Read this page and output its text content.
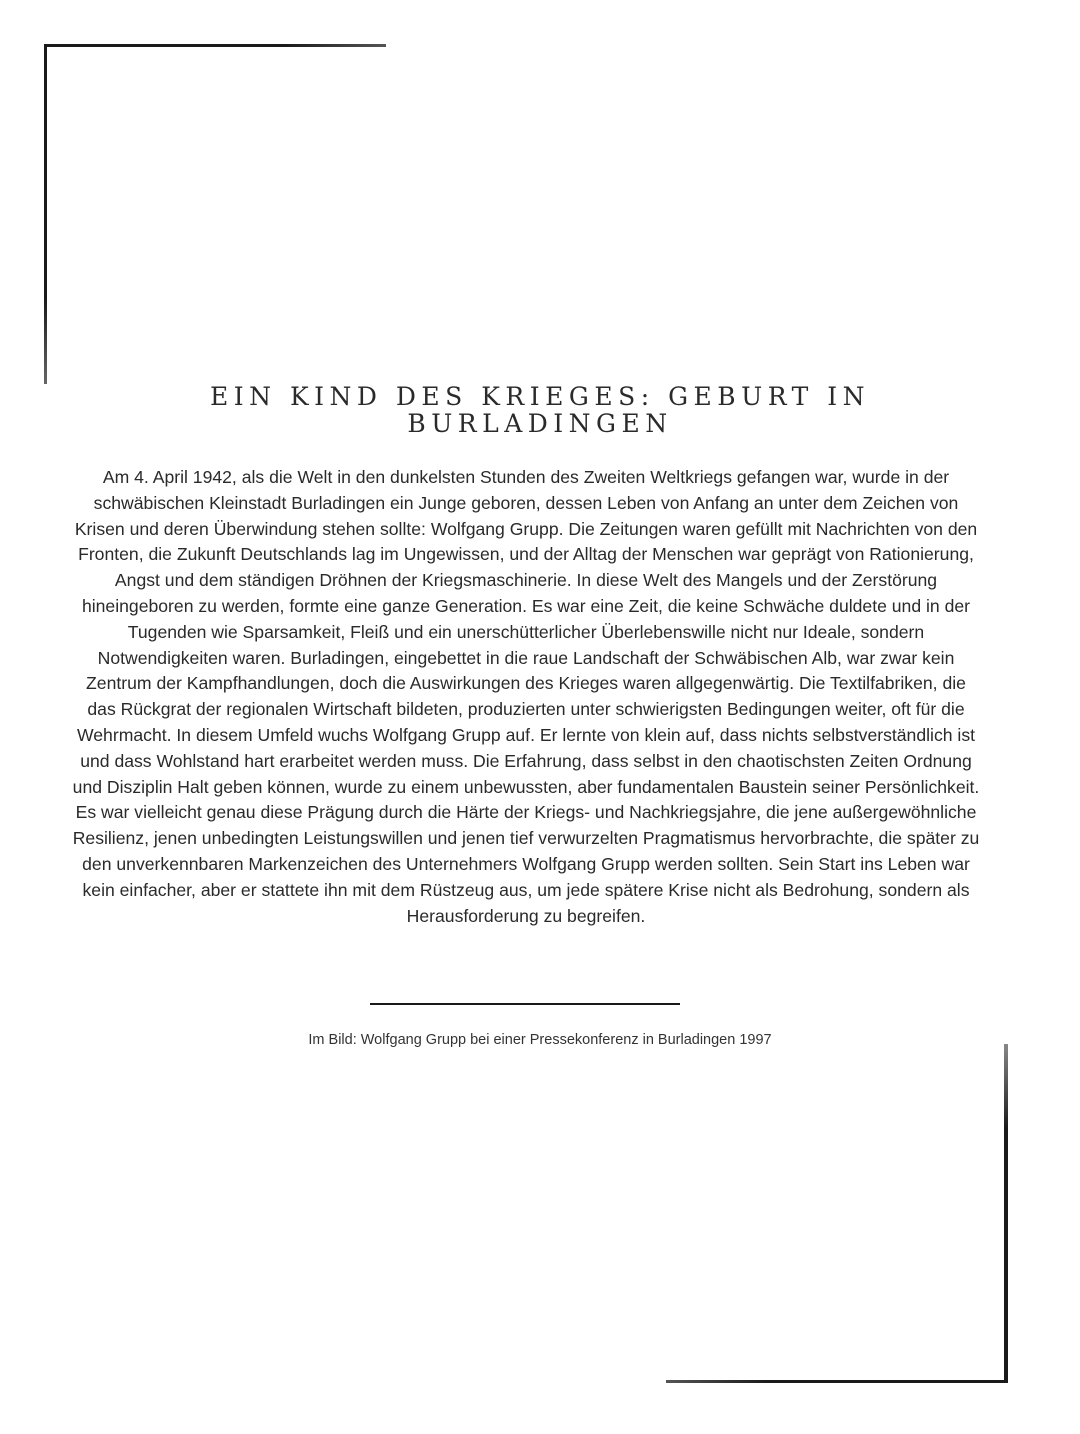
EIN KIND DES KRIEGES: GEBURT IN
BURLADINGEN

Am 4. April 1942, als die Welt in den dunkelsten Stunden des Zweiten Weltkriegs gefangen war, wurde in der schwäbischen Kleinstadt Burladingen ein Junge geboren, dessen Leben von Anfang an unter dem Zeichen von Krisen und deren Überwindung stehen sollte: Wolfgang Grupp. Die Zeitungen waren gefüllt mit Nachrichten von den Fronten, die Zukunft Deutschlands lag im Ungewissen, und der Alltag der Menschen war geprägt von Rationierung, Angst und dem ständigen Dröhnen der Kriegsmaschinerie. In diese Welt des Mangels und der Zerstörung hineingeboren zu werden, formte eine ganze Generation. Es war eine Zeit, die keine Schwäche duldete und in der Tugenden wie Sparsamkeit, Fleiß und ein unerschütterlicher Überlebenswille nicht nur Ideale, sondern Notwendigkeiten waren. Burladingen, eingebettet in die raue Landschaft der Schwäbischen Alb, war zwar kein Zentrum der Kampfhandlungen, doch die Auswirkungen des Krieges waren allgegenwärtig. Die Textilfabriken, die das Rückgrat der regionalen Wirtschaft bildeten, produzierten unter schwierigsten Bedingungen weiter, oft für die Wehrmacht. In diesem Umfeld wuchs Wolfgang Grupp auf. Er lernte von klein auf, dass nichts selbstverständlich ist und dass Wohlstand hart erarbeitet werden muss. Die Erfahrung, dass selbst in den chaotischsten Zeiten Ordnung und Disziplin Halt geben können, wurde zu einem unbewussten, aber fundamentalen Baustein seiner Persönlichkeit. Es war vielleicht genau diese Prägung durch die Härte der Kriegs- und Nachkriegsjahre, die jene außergewöhnliche Resilienz, jenen unbedingten Leistungswillen und jenen tief verwurzelten Pragmatismus hervorbrachte, die später zu den unverkennbaren Markenzeichen des Unternehmers Wolfgang Grupp werden sollten. Sein Start ins Leben war kein einfacher, aber er stattete ihn mit dem Rüstzeug aus, um jede spätere Krise nicht als Bedrohung, sondern als Herausforderung zu begreifen.

Im Bild: Wolfgang Grupp bei einer Pressekonferenz in Burladingen 1997
